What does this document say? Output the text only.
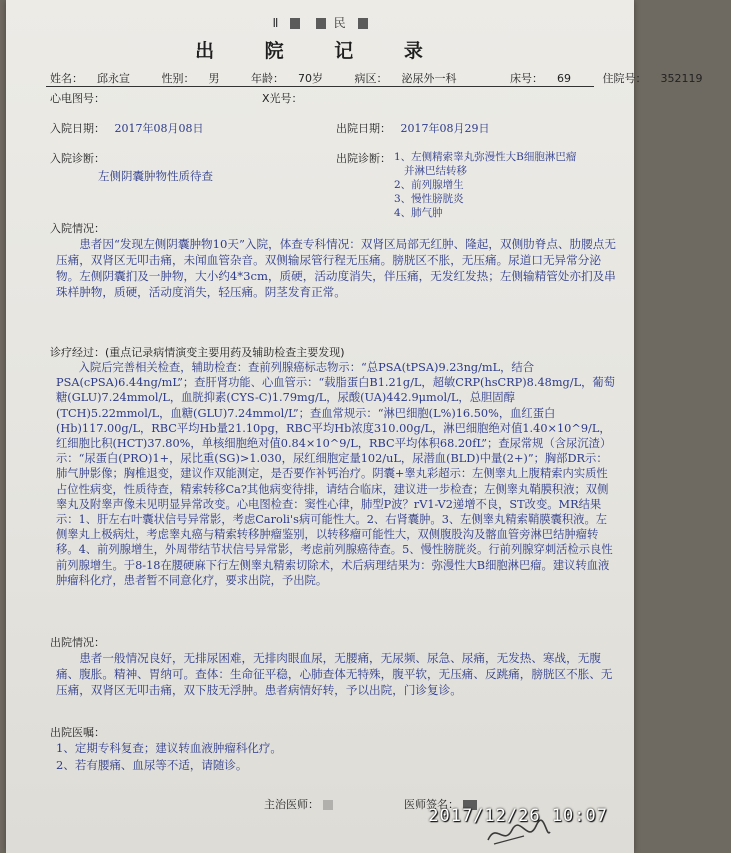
Ⅱ	民
出 院 记 录
姓名： 邱永宣	性别： 男	年龄： 70岁	病区： 泌尿外一科	床号： 69	住院号： 352119
心电图号：	X光号：
入院日期： 2017年08月08日	出院日期： 2017年08月29日
入院诊断：
左侧阴囊肿物性质待查
出院诊断： 1、左侧精索睾丸弥漫性大B细胞淋巴瘤
并淋巴结转移
2、前列腺增生
3、慢性膀胱炎
4、肺气肿
入院情况：
患者因“发现左侧阴囊肿物10天”入院，体查专科情况：双肾区局部无红肿、隆起，双侧肋脊点、肋腰点无压痛，双肾区无叩击痛，未闻血管杂音。双侧输尿管行程无压痛。膀胱区不胀，无压痛。尿道口无异常分泌物。左侧阴囊扪及一肿物，大小约4*3cm，质硬，活动度消失，伴压痛，无发红发热；左侧输精管处亦扪及串珠样肿物，质硬，活动度消失，轻压痛。阴茎发育正常。
诊疗经过：(重点记录病情演变主要用药及辅助检查主要发现)
入院后完善相关检查，辅助检查：查前列腺癌标志物示：“总PSA(tPSA)9.23ng/mL，结合PSA(cPSA)6.44ng/mL”；查肝肾功能、心血管示：“载脂蛋白B1.21g/L，超敏CRP(hsCRP)8.48mg/L，葡萄糖(GLU)7.24mmol/L，血胱抑素(CYS-C)1.79mg/L，尿酸(UA)442.9μmol/L，总胆固醇(TCH)5.22mmol/L，血糖(GLU)7.24mmol/L”；查血常规示：“淋巴细胞(L%)16.50%，血红蛋白(Hb)117.00g/L，RBC平均Hb量21.10pg，RBC平均Hb浓度310.00g/L，淋巴细胞绝对值1.40×10^9/L，红细胞比积(HCT)37.80%，单核细胞绝对值0.84×10^9/L，RBC平均体积68.20fL”；查尿常规（含尿沉渣）示：“尿蛋白(PRO)1+，尿比重(SG)>1.030，尿红细胞定量102/uL，尿潜血(BLD)中量(2+)”；胸部DR示：肺气肿影像；胸椎退变，建议作双能测定，是否要作补钙治疗。阴囊+睾丸彩超示：左侧睾丸上腹精索内实质性占位性病变，性质待查，精索转移Ca?其他病变待排，请结合临床，建议进一步检查；左侧睾丸鞘膜积液；双侧睾丸及附睾声像未见明显异常改变。心电图检查：窦性心律，肺型P波？rV1-V2递增不良，ST改变。MR结果示：1、肝左右叶囊状信号异常影，考虑Caroli's病可能性大。2、右肾囊肿。3、左侧睾丸精索鞘膜囊积液。左侧睾丸上极病灶，考虑睾丸癌与精索转移肿瘤鉴别，以转移瘤可能性大，双侧腹股沟及髂血管旁淋巴结肿瘤转移。4、前列腺增生，外周带结节状信号异常影，考虑前列腺癌待查。5、慢性膀胱炎。行前列腺穿刺活检示良性前列腺增生。于8-18在腰硬麻下行左侧睾丸精索切除术，术后病理结果为：弥漫性大B细胞淋巴瘤。建议转血液肿瘤科化疗，患者暂不同意化疗，要求出院，予出院。
出院情况：
患者一般情况良好，无排尿困难，无排肉眼血尿，无腰痛，无尿频、尿急、尿痛，无发热、寒战，无腹痛、腹胀。精神、胃纳可。查体：生命征平稳，心肺查体无特殊，腹平软，无压痛、反跳痛，膀胱区不胀、无压痛，双肾区无叩击痛，双下肢无浮肿。患者病情好转，予以出院，门诊复诊。
出院医嘱：
1、定期专科复查；建议转血液肿瘤科化疗。
2、若有腰痛、血尿等不适，请随诊。
主治医师：	医师签名：
2017/12/26 10:07
